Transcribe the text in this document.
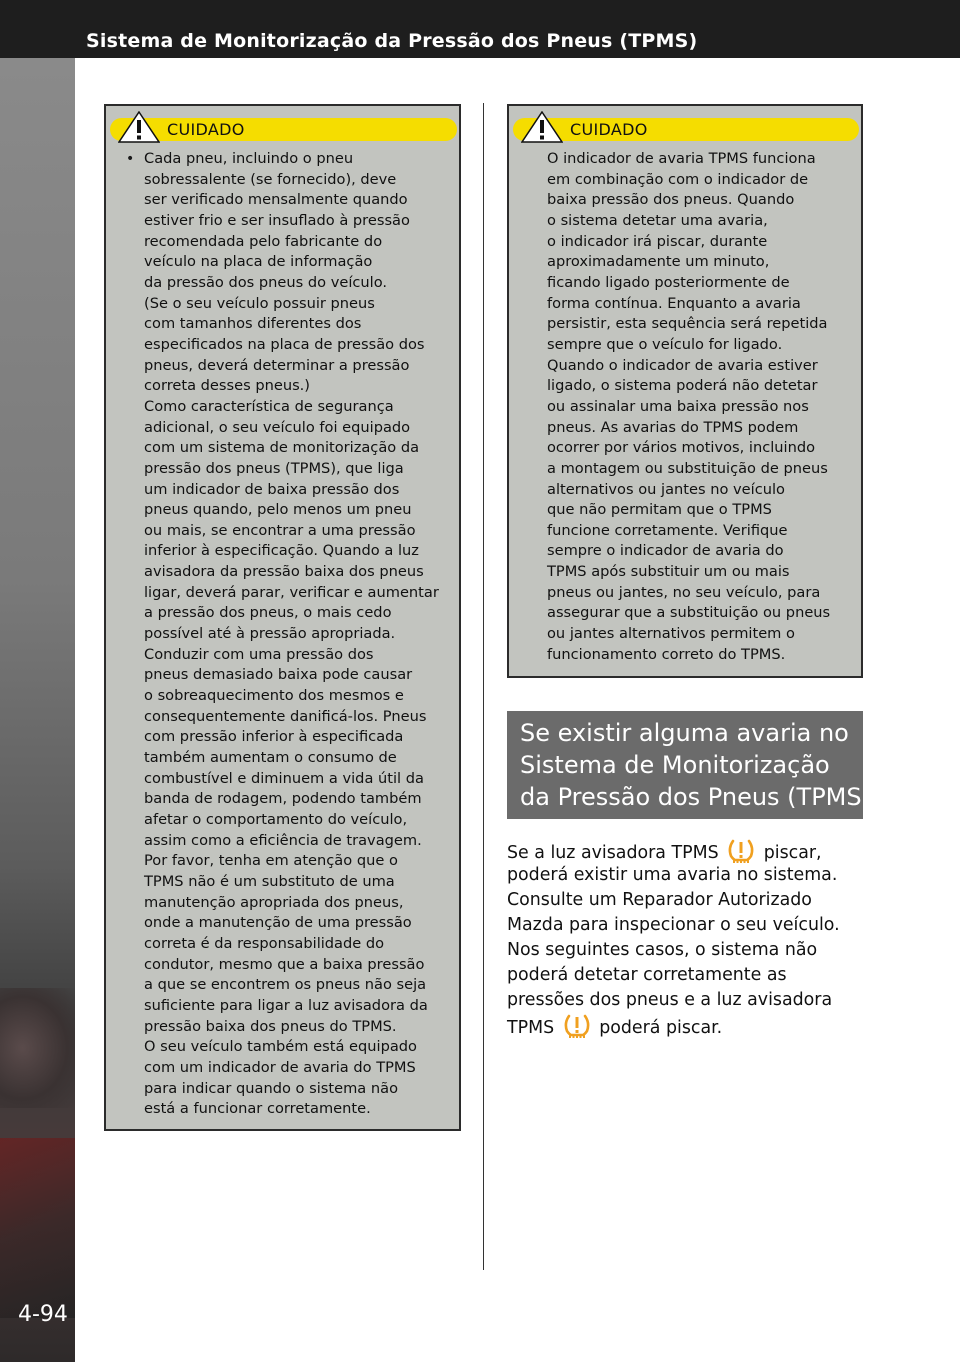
Sistema de Monitorização da Pressão dos Pneus (TPMS)
4-94
CUIDADO
• Cada pneu, incluindo o pneu
sobressalente (se fornecido), deve
ser verificado mensalmente quando
estiver frio e ser insuflado à pressão
recomendada pelo fabricante do
veículo na placa de informação
da pressão dos pneus do veículo.
(Se o seu veículo possuir pneus
com tamanhos diferentes dos
especificados na placa de pressão dos
pneus, deverá determinar a pressão
correta desses pneus.)
Como característica de segurança
adicional, o seu veículo foi equipado
com um sistema de monitorização da
pressão dos pneus (TPMS), que liga
um indicador de baixa pressão dos
pneus quando, pelo menos um pneu
ou mais, se encontrar a uma pressão
inferior à especificação. Quando a luz
avisadora da pressão baixa dos pneus
ligar, deverá parar, verificar e aumentar
a pressão dos pneus, o mais cedo
possível até à pressão apropriada.
Conduzir com uma pressão dos
pneus demasiado baixa pode causar
o sobreaquecimento dos mesmos e
consequentemente danificá-los. Pneus
com pressão inferior à especificada
também aumentam o consumo de
combustível e diminuem a vida útil da
banda de rodagem, podendo também
afetar o comportamento do veículo,
assim como a eficiência de travagem.
Por favor, tenha em atenção que o
TPMS não é um substituto de uma
manutenção apropriada dos pneus,
onde a manutenção de uma pressão
correta é da responsabilidade do
condutor, mesmo que a baixa pressão
a que se encontrem os pneus não seja
suficiente para ligar a luz avisadora da
pressão baixa dos pneus do TPMS.
O seu veículo também está equipado
com um indicador de avaria do TPMS
para indicar quando o sistema não
está a funcionar corretamente.
CUIDADO
O indicador de avaria TPMS funciona
em combinação com o indicador de
baixa pressão dos pneus. Quando
o sistema detetar uma avaria,
o indicador irá piscar, durante
aproximadamente um minuto,
ficando ligado posteriormente de
forma contínua. Enquanto a avaria
persistir, esta sequência será repetida
sempre que o veículo for ligado.
Quando o indicador de avaria estiver
ligado, o sistema poderá não detetar
ou assinalar uma baixa pressão nos
pneus. As avarias do TPMS podem
ocorrer por vários motivos, incluindo
a montagem ou substituição de pneus
alternativos ou jantes no veículo
que não permitam que o TPMS
funcione corretamente. Verifique
sempre o indicador de avaria do
TPMS após substituir um ou mais
pneus ou jantes, no seu veículo, para
assegurar que a substituição ou pneus
ou jantes alternativos permitem o
funcionamento correto do TPMS.
Se existir alguma avaria no
Sistema de Monitorização
da Pressão dos Pneus (TPMS)
Se a luz avisadora TPMS	piscar,
poderá existir uma avaria no sistema.
Consulte um Reparador Autorizado
Mazda para inspecionar o seu veículo.
Nos seguintes casos, o sistema não
poderá detetar corretamente as
pressões dos pneus e a luz avisadora
TPMS	poderá piscar.
